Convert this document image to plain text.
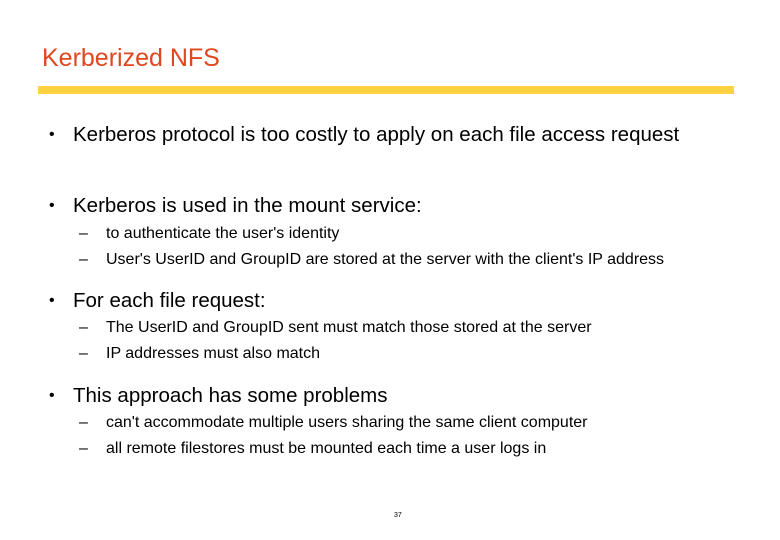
Kerberized NFS
• Kerberos protocol is too costly to apply on each file access request
• Kerberos is used in the mount service:
– to authenticate the user's identity
– User's UserID and GroupID are stored at the server with the client's IP address
• For each file request:
– The UserID and GroupID sent must match those stored at the server
– IP addresses must also match
• This approach has some problems
– can't accommodate multiple users sharing the same client computer
– all remote filestores must be mounted each time a user logs in
37
